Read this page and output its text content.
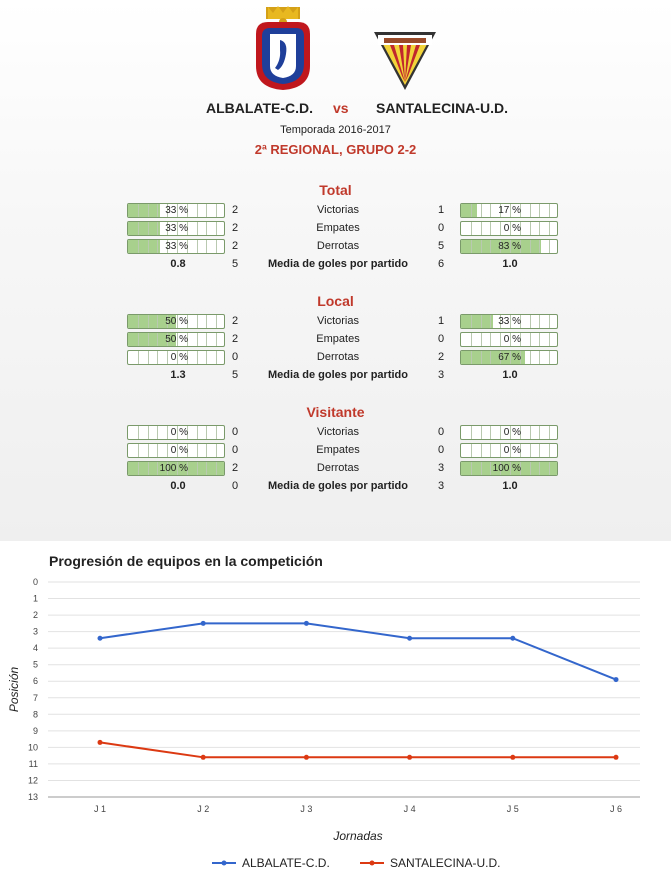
ALBALATE-C.D. vs SANTALECINA-U.D.
Temporada 2016-2017
2ª REGIONAL, GRUPO 2-2
Total
33 %	2	Victorias	1	17 %
33 %	2	Empates	0	0 %
33 %	2	Derrotas	5	83 %
0.8	5	Media de goles por partido	6	1.0
Local
50 %	2	Victorias	1	33 %
50 %	2	Empates	0	0 %
0 %	0	Derrotas	2	67 %
1.3	5	Media de goles por partido	3	1.0
Visitante
0 %	0	Victorias	0	0 %
0 %	0	Empates	0	0 %
100 %	2	Derrotas	3	100 %
0.0	0	Media de goles por partido	3	1.0
Progresión de equipos en la competición
0
1
2
3
4
5
6
7
8
9
10
11
12
13
J 1	J 2	J 3	J 4	J 5	J 6
Posición
Jornadas
ALBALATE-C.D.	SANTALECINA-U.D.
